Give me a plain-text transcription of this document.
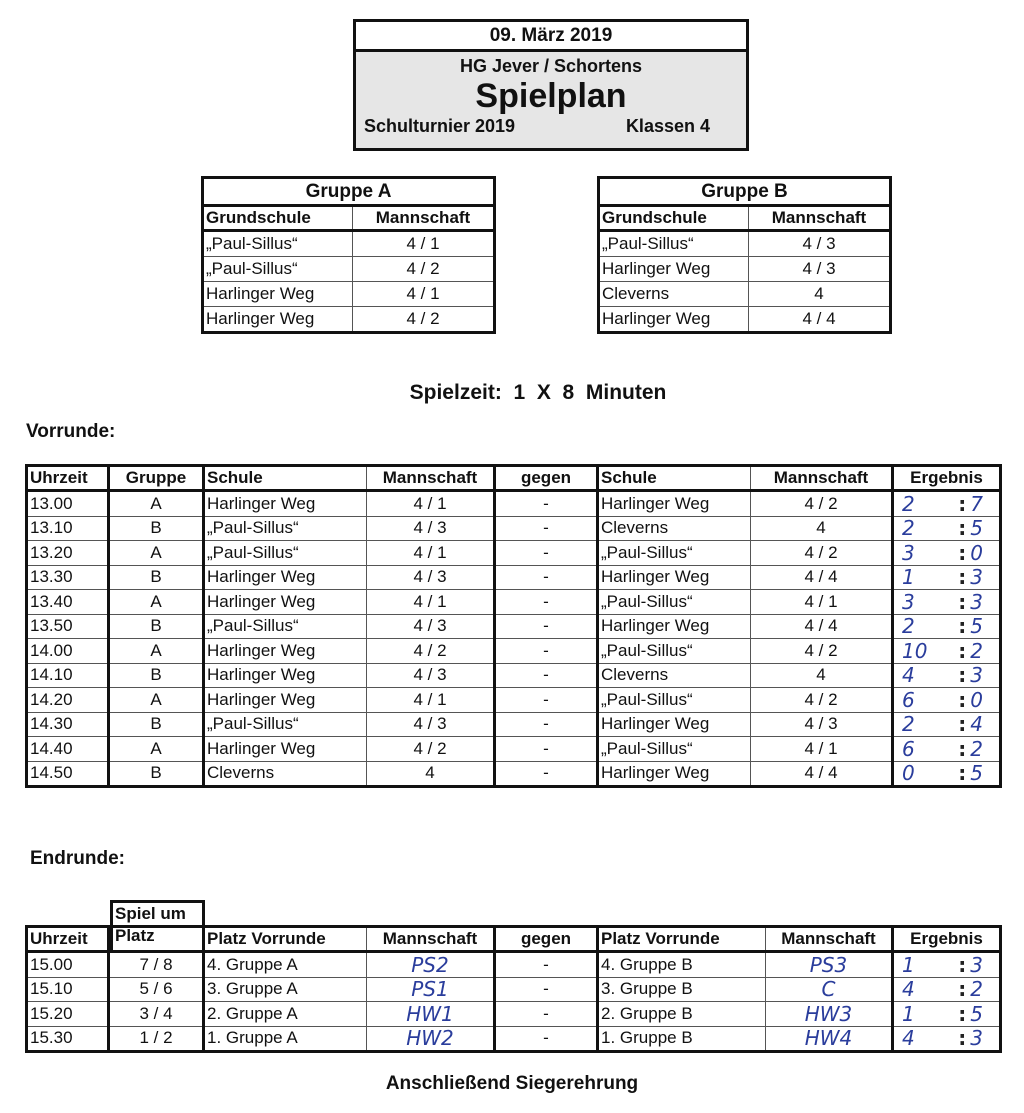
09. März 2019
HG Jever / Schortens
Spielplan
Schulturnier 2019	Klassen 4
Gruppe A	
Grundschule	Mannschaft
„Paul-Sillus“	4 / 1
„Paul-Sillus“	4 / 2
Harlinger Weg	4 / 1
Harlinger Weg	4 / 2
Gruppe B	
Grundschule	Mannschaft
„Paul-Sillus“	4 / 3
Harlinger Weg	4 / 3
Cleverns	4
Harlinger Weg	4 / 4
Spielzeit:  1  X  8  Minuten
Vorrunde:
Uhrzeit	Gruppe	Schule	Mannschaft	gegen	Schule	Mannschaft	Ergebnis
13.00	A	Harlinger Weg	4 / 1	-	Harlinger Weg	4 / 2	2 : 7

13.10	B	„Paul-Sillus“	4 / 3	-	Cleverns	4	2 : 5

13.20	A	„Paul-Sillus“	4 / 1	-	„Paul-Sillus“	4 / 2	3 : 0

13.30	B	Harlinger Weg	4 / 3	-	Harlinger Weg	4 / 4	1 : 3

13.40	A	Harlinger Weg	4 / 1	-	„Paul-Sillus“	4 / 1	3 : 3

13.50	B	„Paul-Sillus“	4 / 3	-	Harlinger Weg	4 / 4	2 : 5

14.00	A	Harlinger Weg	4 / 2	-	„Paul-Sillus“	4 / 2	10 : 2

14.10	B	Harlinger Weg	4 / 3	-	Cleverns	4	4 : 3

14.20	A	Harlinger Weg	4 / 1	-	„Paul-Sillus“	4 / 2	6 : 0

14.30	B	„Paul-Sillus“	4 / 3	-	Harlinger Weg	4 / 3	2 : 4

14.40	A	Harlinger Weg	4 / 2	-	„Paul-Sillus“	4 / 1	6 : 2

14.50	B	Cleverns	4	-	Harlinger Weg	4 / 4	0 : 5
Endrunde:
Spiel um
Platz
Uhrzeit		Platz Vorrunde	Mannschaft	gegen	Platz Vorrunde	Mannschaft	Ergebnis
15.00	7 / 8	4. Gruppe A	PS2	-	4. Gruppe B	PS3	1 : 3

15.10	5 / 6	3. Gruppe A	PS1	-	3. Gruppe B	C	4 : 2

15.20	3 / 4	2. Gruppe A	HW1	-	2. Gruppe B	HW3	1 : 5

15.30	1 / 2	1. Gruppe A	HW2	-	1. Gruppe B	HW4	4 : 3
Anschließend Siegerehrung
